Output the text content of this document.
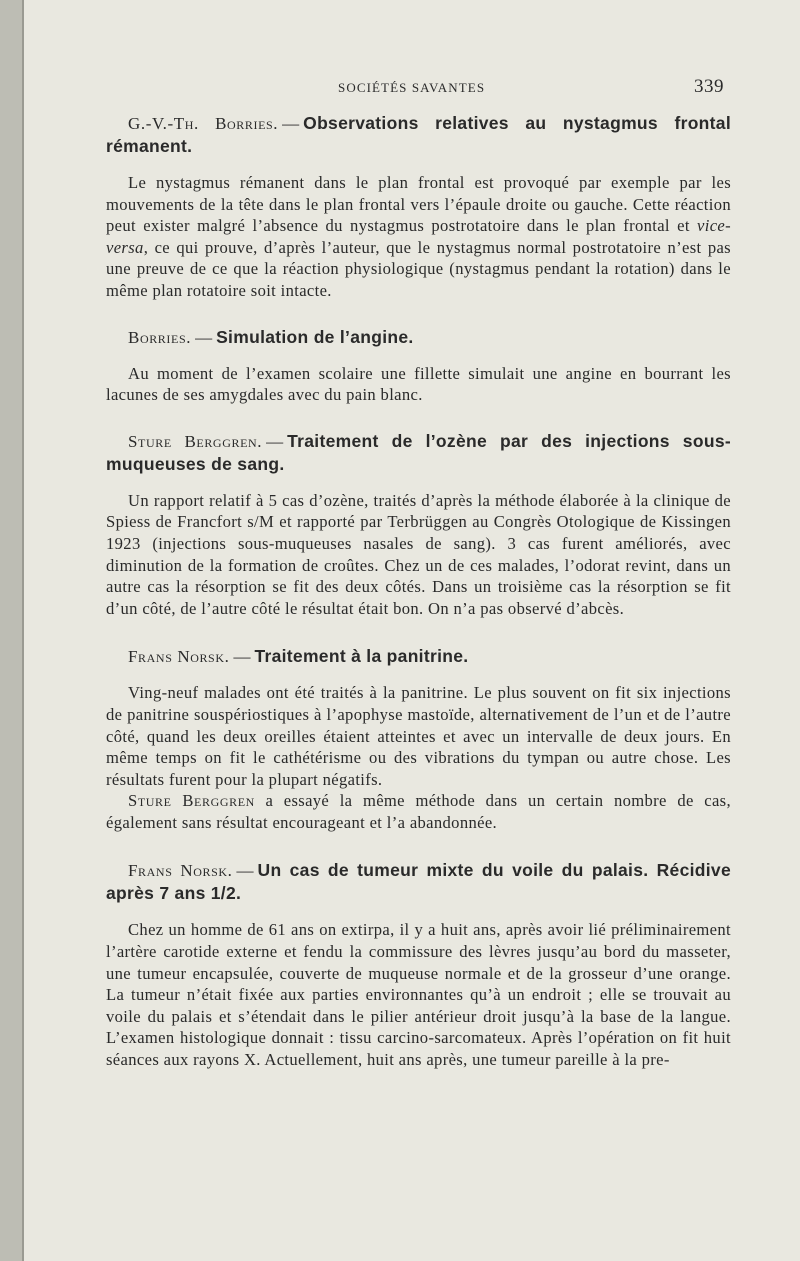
SOCIÉTÉS SAVANTES	339

G.-V.-Th. Borries. — Observations relatives au nystagmus frontal rémanent.

Le nystagmus rémanent dans le plan frontal est provoqué par exemple par les mouvements de la tête dans le plan frontal vers l’épaule droite ou gauche. Cette réaction peut exister malgré l’absence du nystagmus postrotatoire dans le plan frontal et vice-versa, ce qui prouve, d’après l’auteur, que le nystagmus normal postrotatoire n’est pas une preuve de ce que la réaction physiologique (nystagmus pendant la rotation) dans le même plan rotatoire soit intacte.

Borries. — Simulation de l’angine.

Au moment de l’examen scolaire une fillette simulait une angine en bourrant les lacunes de ses amygdales avec du pain blanc.

Sture Berggren. — Traitement de l’ozène par des injections sous-muqueuses de sang.

Un rapport relatif à 5 cas d’ozène, traités d’après la méthode élaborée à la clinique de Spiess de Francfort s/M et rapporté par Terbrüggen au Congrès Otologique de Kissingen 1923 (injections sous-muqueuses nasales de sang). 3 cas furent améliorés, avec diminution de la formation de croûtes. Chez un de ces malades, l’odorat revint, dans un autre cas la résorption se fit des deux côtés. Dans un troisième cas la résorption se fit d’un côté, de l’autre côté le résultat était bon. On n’a pas observé d’abcès.

Frans Norsk. — Traitement à la panitrine.

Ving-neuf malades ont été traités à la panitrine. Le plus souvent on fit six injections de panitrine souspériostiques à l’apophyse mastoïde, alternativement de l’un et de l’autre côté, quand les deux oreilles étaient atteintes et avec un intervalle de deux jours. En même temps on fit le cathétérisme ou des vibrations du tympan ou autre chose. Les résultats furent pour la plupart négatifs.

Sture Berggren a essayé la même méthode dans un certain nombre de cas, également sans résultat encourageant et l’a abandonnée.

Frans Norsk. — Un cas de tumeur mixte du voile du palais. Récidive après 7 ans 1/2.

Chez un homme de 61 ans on extirpa, il y a huit ans, après avoir lié préliminairement l’artère carotide externe et fendu la commissure des lèvres jusqu’au bord du masseter, une tumeur encapsulée, couverte de muqueuse normale et de la grosseur d’une orange. La tumeur n’était fixée aux parties environnantes qu’à un endroit ; elle se trouvait au voile du palais et s’étendait dans le pilier antérieur droit jusqu’à la base de la langue. L’examen histologique donnait : tissu carcino-sarcomateux. Après l’opération on fit huit séances aux rayons X. Actuellement, huit ans après, une tumeur pareille à la pre-
